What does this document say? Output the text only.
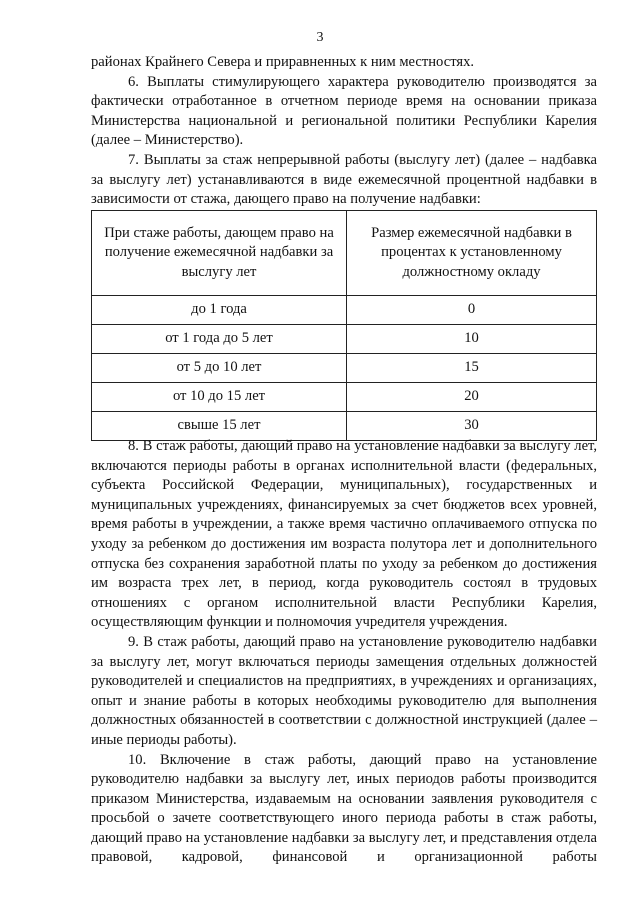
3

районах Крайнего Севера и приравненных к ним местностях.

6. Выплаты стимулирующего характера руководителю производятся за фактически отработанное в отчетном периоде время на основании приказа Министерства национальной и региональной политики Республики Карелия (далее – Министерство).

7. Выплаты за стаж непрерывной работы (выслугу лет) (далее – надбавка за выслугу лет) устанавливаются в виде ежемесячной процентной надбавки в зависимости от стажа, дающего право на получение надбавки:

При стаже работы, дающем право на получение ежемесячной надбавки за выслугу лет	Размер ежемесячной надбавки в процентах к установленному должностному окладу
до 1 года	0
от 1 года до 5 лет	10
от 5 до 10 лет	15
от 10 до 15 лет	20
свыше 15 лет	30

8. В стаж работы, дающий право на установление надбавки за выслугу лет, включаются периоды работы в органах исполнительной власти (федеральных, субъекта Российской Федерации, муниципальных), государственных и муниципальных учреждениях, финансируемых за счет бюджетов всех уровней, время работы в учреждении, а также время частично оплачиваемого отпуска по уходу за ребенком до достижения им возраста полутора лет и дополнительного отпуска без сохранения заработной платы по уходу за ребенком до достижения им возраста трех лет, в период, когда руководитель состоял в трудовых отношениях с органом исполнительной власти Республики Карелия, осуществляющим функции и полномочия учредителя учреждения.

9. В стаж работы, дающий право на установление руководителю надбавки за выслугу лет, могут включаться периоды замещения отдельных должностей руководителей и специалистов на предприятиях, в учреждениях и организациях, опыт и знание работы в которых необходимы руководителю для выполнения должностных обязанностей в соответствии с должностной инструкцией (далее – иные периоды работы).

10. Включение в стаж работы, дающий право на установление руководителю надбавки за выслугу лет, иных периодов работы производится приказом Министерства, издаваемым на основании заявления руководителя с просьбой о зачете соответствующего иного периода работы в стаж работы, дающий право на установление надбавки за выслугу лет, и представления отдела правовой, кадровой, финансовой и организационной работы
